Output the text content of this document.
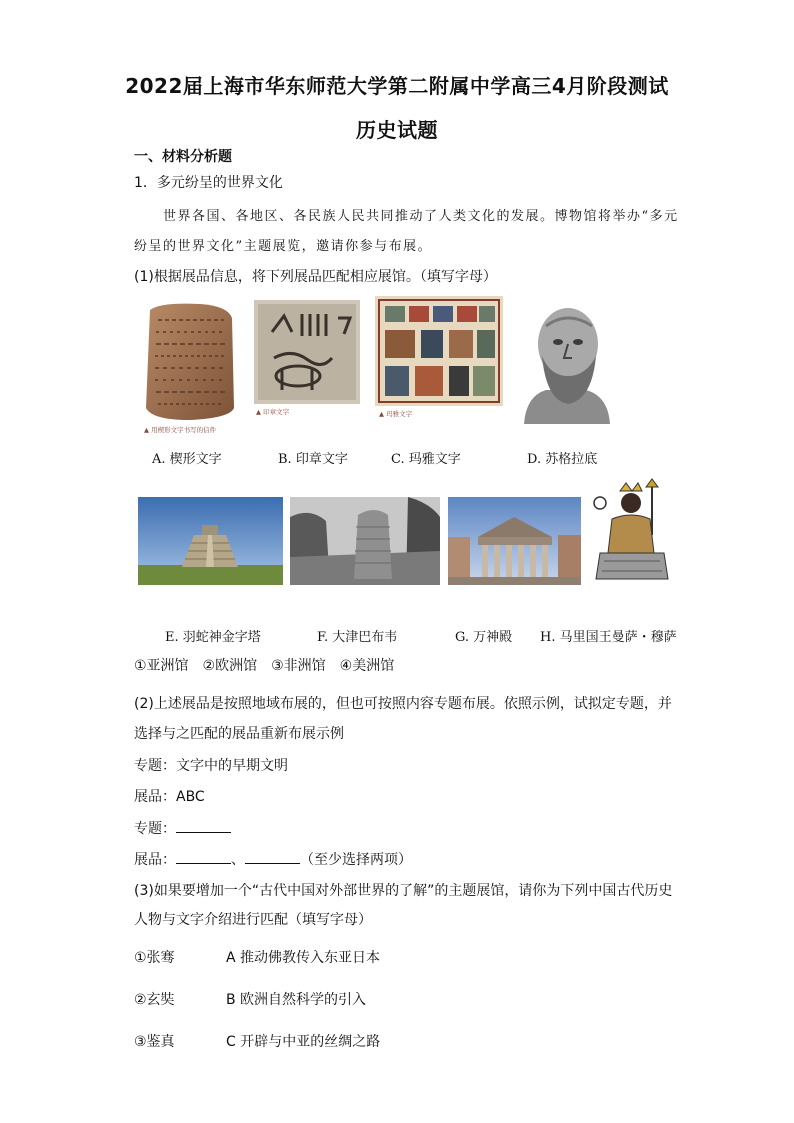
2022届上海市华东师范大学第二附属中学高三4月阶段测试
历史试题
一、材料分析题
1．多元纷呈的世界文化
世界各国、各地区、各民族人民共同推动了人类文化的发展。博物馆将举办“多元
纷呈的世界文化”主题展览，邀请你参与布展。
(1)根据展品信息，将下列展品匹配相应展馆。（填写字母）
▲ 用楔形文字书写的信件
▲ 印章文字	▲ 玛雅文字
A. 楔形文字	B. 印章文字	C. 玛雅文字	D. 苏格拉底
E. 羽蛇神金字塔	F. 大津巴布韦	G. 万神殿 H. 马里国王曼萨・穆萨
①亚洲馆　②欧洲馆　③非洲馆　④美洲馆
(2)上述展品是按照地域布展的，但也可按照内容专题布展。依照示例，试拟定专题，并
选择与之匹配的展品重新布展示例
专题：文字中的早期文明
展品：ABC
专题：
展品：	、	（至少选择两项）
(3)如果要增加一个“古代中国对外部世界的了解”的主题展馆，请你为下列中国古代历史
人物与文字介绍进行匹配（填写字母）
①张骞	A 推动佛教传入东亚日本
②玄奘	B 欧洲自然科学的引入
③鉴真	C 开辟与中亚的丝绸之路
